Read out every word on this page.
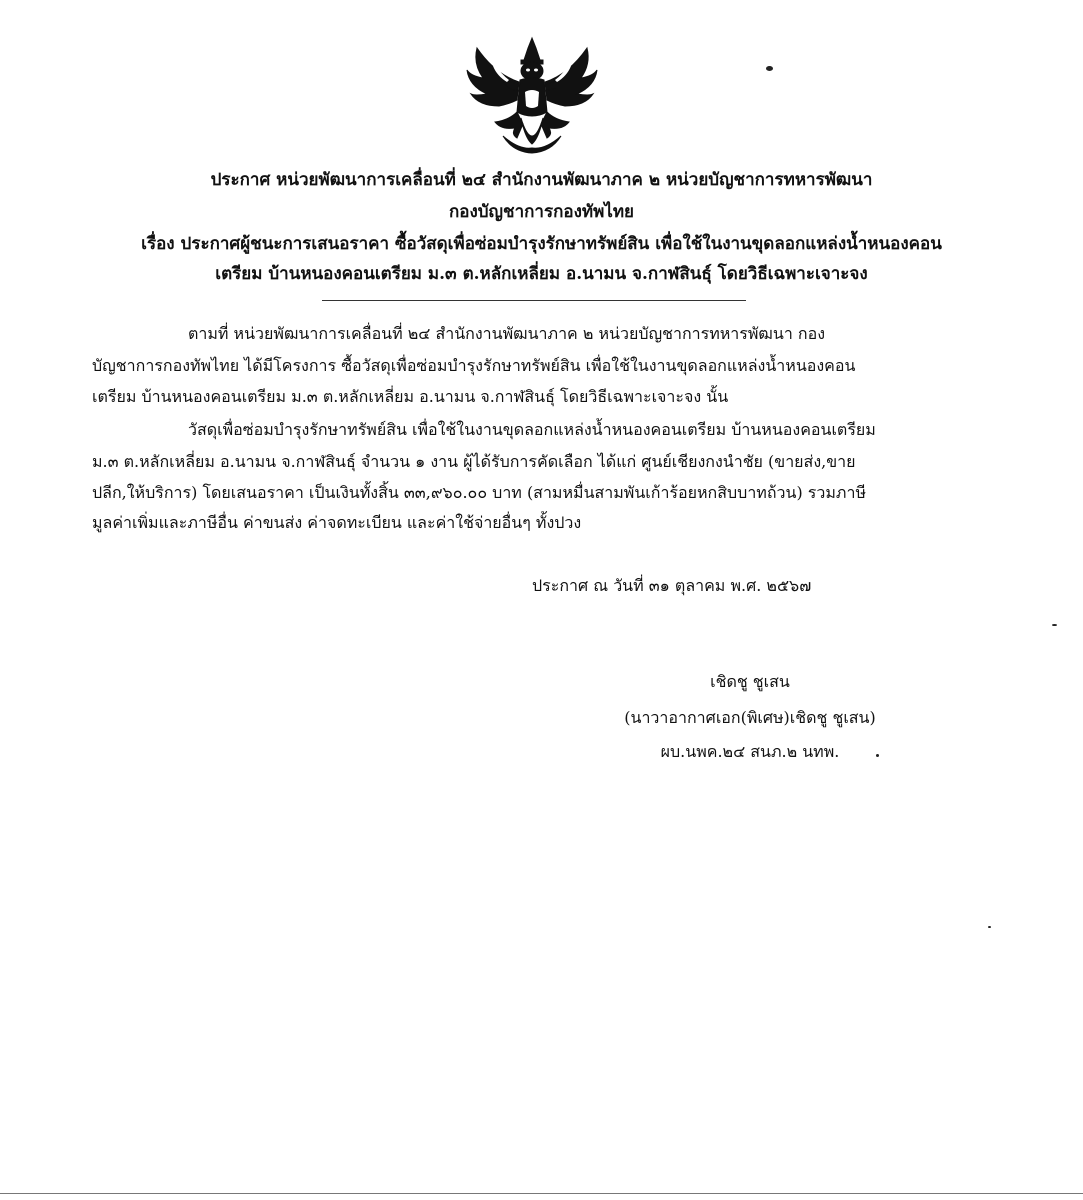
ประกาศ หน่วยพัฒนาการเคลื่อนที่ ๒๔ สำนักงานพัฒนาภาค ๒ หน่วยบัญชาการทหารพัฒนา
กองบัญชาการกองทัพไทย
เรื่อง ประกาศผู้ชนะการเสนอราคา ซื้อวัสดุเพื่อซ่อมบำรุงรักษาทรัพย์สิน เพื่อใช้ในงานขุดลอกแหล่งน้ำหนองคอน
เตรียม บ้านหนองคอนเตรียม ม.๓ ต.หลักเหลี่ยม อ.นามน จ.กาฬสินธุ์ โดยวิธีเฉพาะเจาะจง
ตามที่ หน่วยพัฒนาการเคลื่อนที่ ๒๔ สำนักงานพัฒนาภาค ๒ หน่วยบัญชาการทหารพัฒนา กอง
บัญชาการกองทัพไทย ได้มีโครงการ ซื้อวัสดุเพื่อซ่อมบำรุงรักษาทรัพย์สิน เพื่อใช้ในงานขุดลอกแหล่งน้ำหนองคอน
เตรียม บ้านหนองคอนเตรียม ม.๓ ต.หลักเหลี่ยม อ.นามน จ.กาฬสินธุ์ โดยวิธีเฉพาะเจาะจง นั้น
วัสดุเพื่อซ่อมบำรุงรักษาทรัพย์สิน เพื่อใช้ในงานขุดลอกแหล่งน้ำหนองคอนเตรียม บ้านหนองคอนเตรียม
ม.๓ ต.หลักเหลี่ยม อ.นามน จ.กาฬสินธุ์ จำนวน ๑ งาน ผู้ได้รับการคัดเลือก ได้แก่ ศูนย์เชียงกงนำชัย (ขายส่ง,ขาย
ปลีก,ให้บริการ) โดยเสนอราคา เป็นเงินทั้งสิ้น ๓๓,๙๖๐.๐๐ บาท (สามหมื่นสามพันเก้าร้อยหกสิบบาทถ้วน) รวมภาษี
มูลค่าเพิ่มและภาษีอื่น ค่าขนส่ง ค่าจดทะเบียน และค่าใช้จ่ายอื่นๆ ทั้งปวง
ประกาศ ณ วันที่ ๓๑ ตุลาคม พ.ศ. ๒๕๖๗
เชิดชู ชูเสน
(นาวาอากาศเอก(พิเศษ)เชิดชู ชูเสน)
ผบ.นพค.๒๔ สนภ.๒ นทพ.
